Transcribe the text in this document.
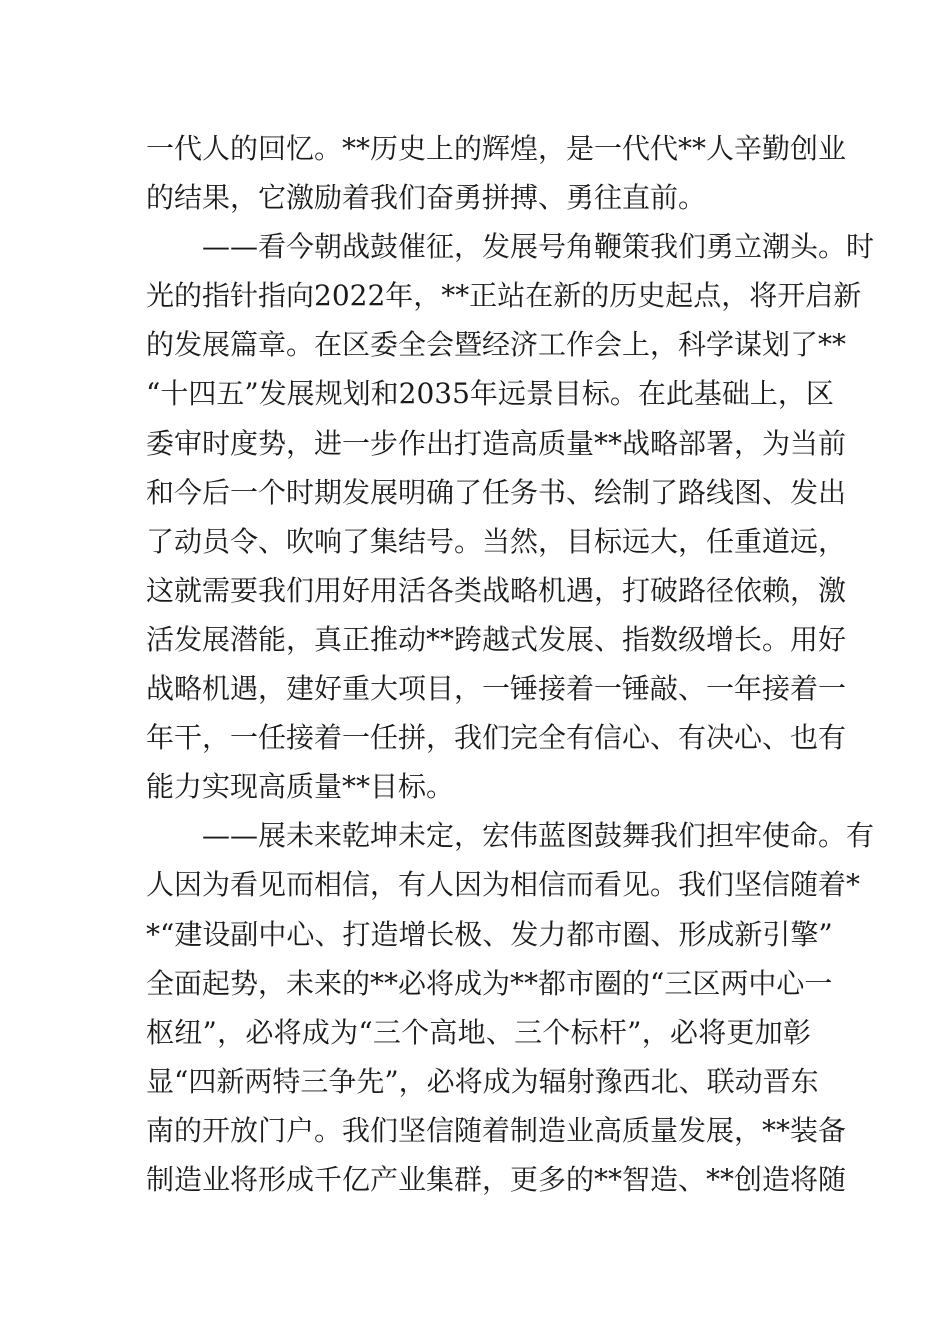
一代人的回忆。**历史上的辉煌，是一代代**人辛勤创业
的结果，它激励着我们奋勇拼搏、勇往直前。
　　——看今朝战鼓催征，发展号角鞭策我们勇立潮头。时
光的指针指向2022年，**正站在新的历史起点，将开启新
的发展篇章。在区委全会暨经济工作会上，科学谋划了**
“十四五”发展规划和2035年远景目标。在此基础上，区
委审时度势，进一步作出打造高质量**战略部署，为当前
和今后一个时期发展明确了任务书、绘制了路线图、发出
了动员令、吹响了集结号。当然，目标远大，任重道远，
这就需要我们用好用活各类战略机遇，打破路径依赖，激
活发展潜能，真正推动**跨越式发展、指数级增长。用好
战略机遇，建好重大项目，一锤接着一锤敲、一年接着一
年干，一任接着一任拼，我们完全有信心、有决心、也有
能力实现高质量**目标。
　　——展未来乾坤未定，宏伟蓝图鼓舞我们担牢使命。有
人因为看见而相信，有人因为相信而看见。我们坚信随着*
*“建设副中心、打造增长极、发力都市圈、形成新引擎”
全面起势，未来的**必将成为**都市圈的“三区两中心一
枢纽”，必将成为“三个高地、三个标杆”，必将更加彰
显“四新两特三争先”，必将成为辐射豫西北、联动晋东
南的开放门户。我们坚信随着制造业高质量发展，**装备
制造业将形成千亿产业集群，更多的**智造、**创造将随
